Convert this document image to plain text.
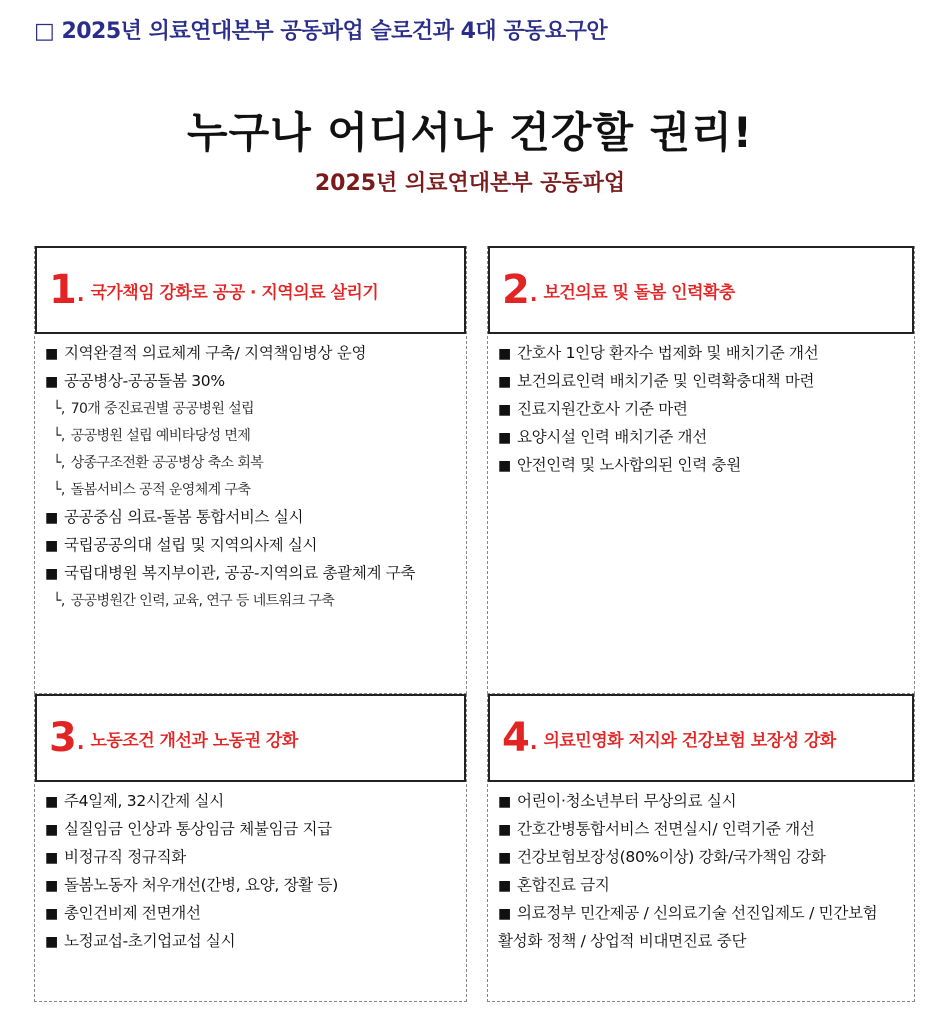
□ 2025년 의료연대본부 공동파업 슬로건과 4대 공동요구안
누구나 어디서나 건강할 권리!
2025년 의료연대본부 공동파업
1 . 국가책임 강화로 공공 · 지역의료 살리기
■ 지역완결적 의료체계 구축/ 지역책임병상 운영
■ 공공병상-공공돌봄 30%
└, 70개 중진료권별 공공병원 설립
└, 공공병원 설립 예비타당성 면제
└, 상종구조전환 공공병상 축소 회복
└, 돌봄서비스 공적 운영체계 구축
■ 공공중심 의료-돌봄 통합서비스 실시
■ 국립공공의대 설립 및 지역의사제 실시
■ 국립대병원 복지부이관, 공공-지역의료 총괄체계 구축
└, 공공병원간 인력, 교육, 연구 등 네트워크 구축
2 . 보건의료 및 돌봄 인력확충
■ 간호사 1인당 환자수 법제화 및 배치기준 개선
■ 보건의료인력 배치기준 및 인력확충대책 마련
■ 진료지원간호사 기준 마련
■ 요양시설 인력 배치기준 개선
■ 안전인력 및 노사합의된 인력 충원
3 . 노동조건 개선과 노동권 강화
■ 주4일제, 32시간제 실시
■ 실질임금 인상과 통상임금 체불임금 지급
■ 비정규직 정규직화
■ 돌봄노동자 처우개선(간병, 요양, 장활 등)
■ 총인건비제 전면개선
■ 노정교섭-초기업교섭 실시
4 . 의료민영화 저지와 건강보험 보장성 강화
■ 어린이·청소년부터 무상의료 실시
■ 간호간병통합서비스 전면실시/ 인력기준 개선
■ 건강보험보장성(80%이상) 강화/국가책임 강화
■ 혼합진료 금지
■ 의료정부 민간제공 / 신의료기술 선진입제도 / 민간보험 활성화 정책 / 상업적 비대면진료 중단
